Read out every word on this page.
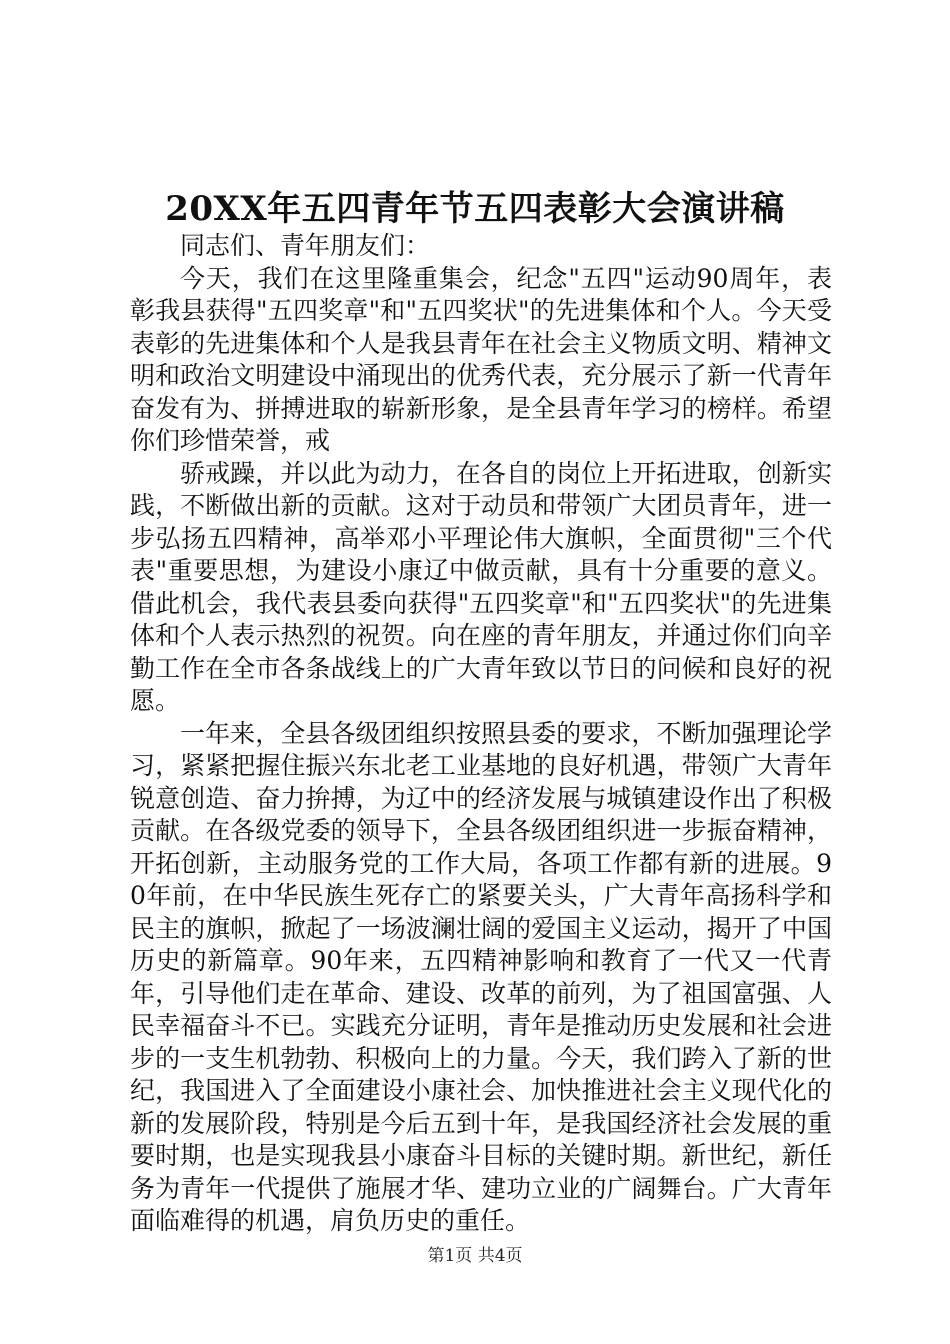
20XX年五四青年节五四表彰大会演讲稿

同志们、青年朋友们：

今天，我们在这里隆重集会，纪念"五四"运动90周年，表彰我县获得"五四奖章"和"五四奖状"的先进集体和个人。今天受表彰的先进集体和个人是我县青年在社会主义物质文明、精神文明和政治文明建设中涌现出的优秀代表，充分展示了新一代青年奋发有为、拼搏进取的崭新形象，是全县青年学习的榜样。希望你们珍惜荣誉，戒

骄戒躁，并以此为动力，在各自的岗位上开拓进取，创新实践，不断做出新的贡献。这对于动员和带领广大团员青年，进一步弘扬五四精神，高举邓小平理论伟大旗帜，全面贯彻"三个代表"重要思想，为建设小康辽中做贡献，具有十分重要的意义。借此机会，我代表县委向获得"五四奖章"和"五四奖状"的先进集体和个人表示热烈的祝贺。向在座的青年朋友，并通过你们向辛勤工作在全市各条战线上的广大青年致以节日的问候和良好的祝愿。

一年来，全县各级团组织按照县委的要求，不断加强理论学习，紧紧把握住振兴东北老工业基地的良好机遇，带领广大青年锐意创造、奋力拚搏，为辽中的经济发展与城镇建设作出了积极贡献。在各级党委的领导下，全县各级团组织进一步振奋精神，开拓创新，主动服务党的工作大局，各项工作都有新的进展。90年前，在中华民族生死存亡的紧要关头，广大青年高扬科学和民主的旗帜，掀起了一场波澜壮阔的爱国主义运动，揭开了中国历史的新篇章。90年来，五四精神影响和教育了一代又一代青年，引导他们走在革命、建设、改革的前列，为了祖国富强、人民幸福奋斗不已。实践充分证明，青年是推动历史发展和社会进步的一支生机勃勃、积极向上的力量。今天，我们跨入了新的世纪，我国进入了全面建设小康社会、加快推进社会主义现代化的新的发展阶段，特别是今后五到十年，是我国经济社会发展的重要时期，也是实现我县小康奋斗目标的关键时期。新世纪，新任务为青年一代提供了施展才华、建功立业的广阔舞台。广大青年面临难得的机遇，肩负历史的重任。

第1页 共4页
